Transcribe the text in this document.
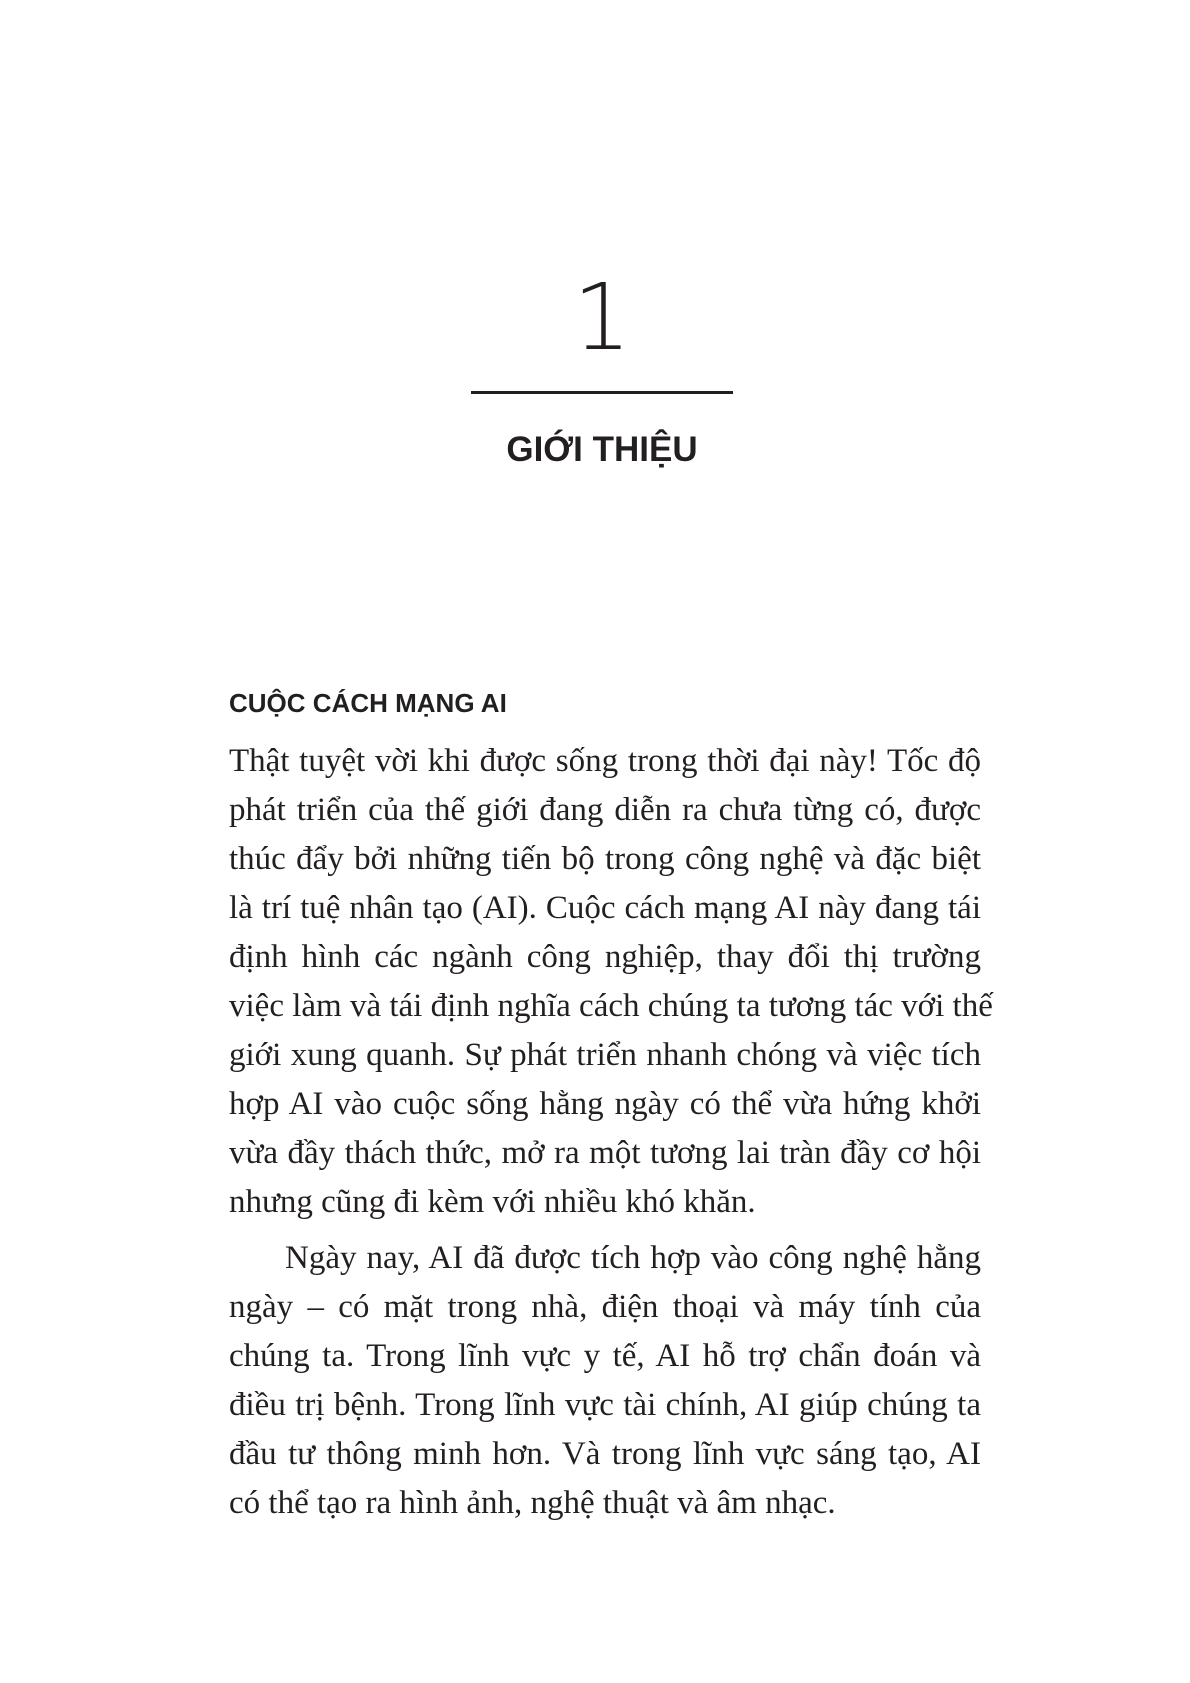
1
GIỚI THIỆU
CUỘC CÁCH MẠNG AI
Thật tuyệt vời khi được sống trong thời đại này! Tốc độ
phát triển của thế giới đang diễn ra chưa từng có, được
thúc đẩy bởi những tiến bộ trong công nghệ và đặc biệt
là trí tuệ nhân tạo (AI). Cuộc cách mạng AI này đang tái
định hình các ngành công nghiệp, thay đổi thị trường
việc làm và tái định nghĩa cách chúng ta tương tác với thế
giới xung quanh. Sự phát triển nhanh chóng và việc tích
hợp AI vào cuộc sống hằng ngày có thể vừa hứng khởi
vừa đầy thách thức, mở ra một tương lai tràn đầy cơ hội
nhưng cũng đi kèm với nhiều khó khăn.
Ngày nay, AI đã được tích hợp vào công nghệ hằng
ngày – có mặt trong nhà, điện thoại và máy tính của
chúng ta. Trong lĩnh vực y tế, AI hỗ trợ chẩn đoán và
điều trị bệnh. Trong lĩnh vực tài chính, AI giúp chúng ta
đầu tư thông minh hơn. Và trong lĩnh vực sáng tạo, AI
có thể tạo ra hình ảnh, nghệ thuật và âm nhạc.
